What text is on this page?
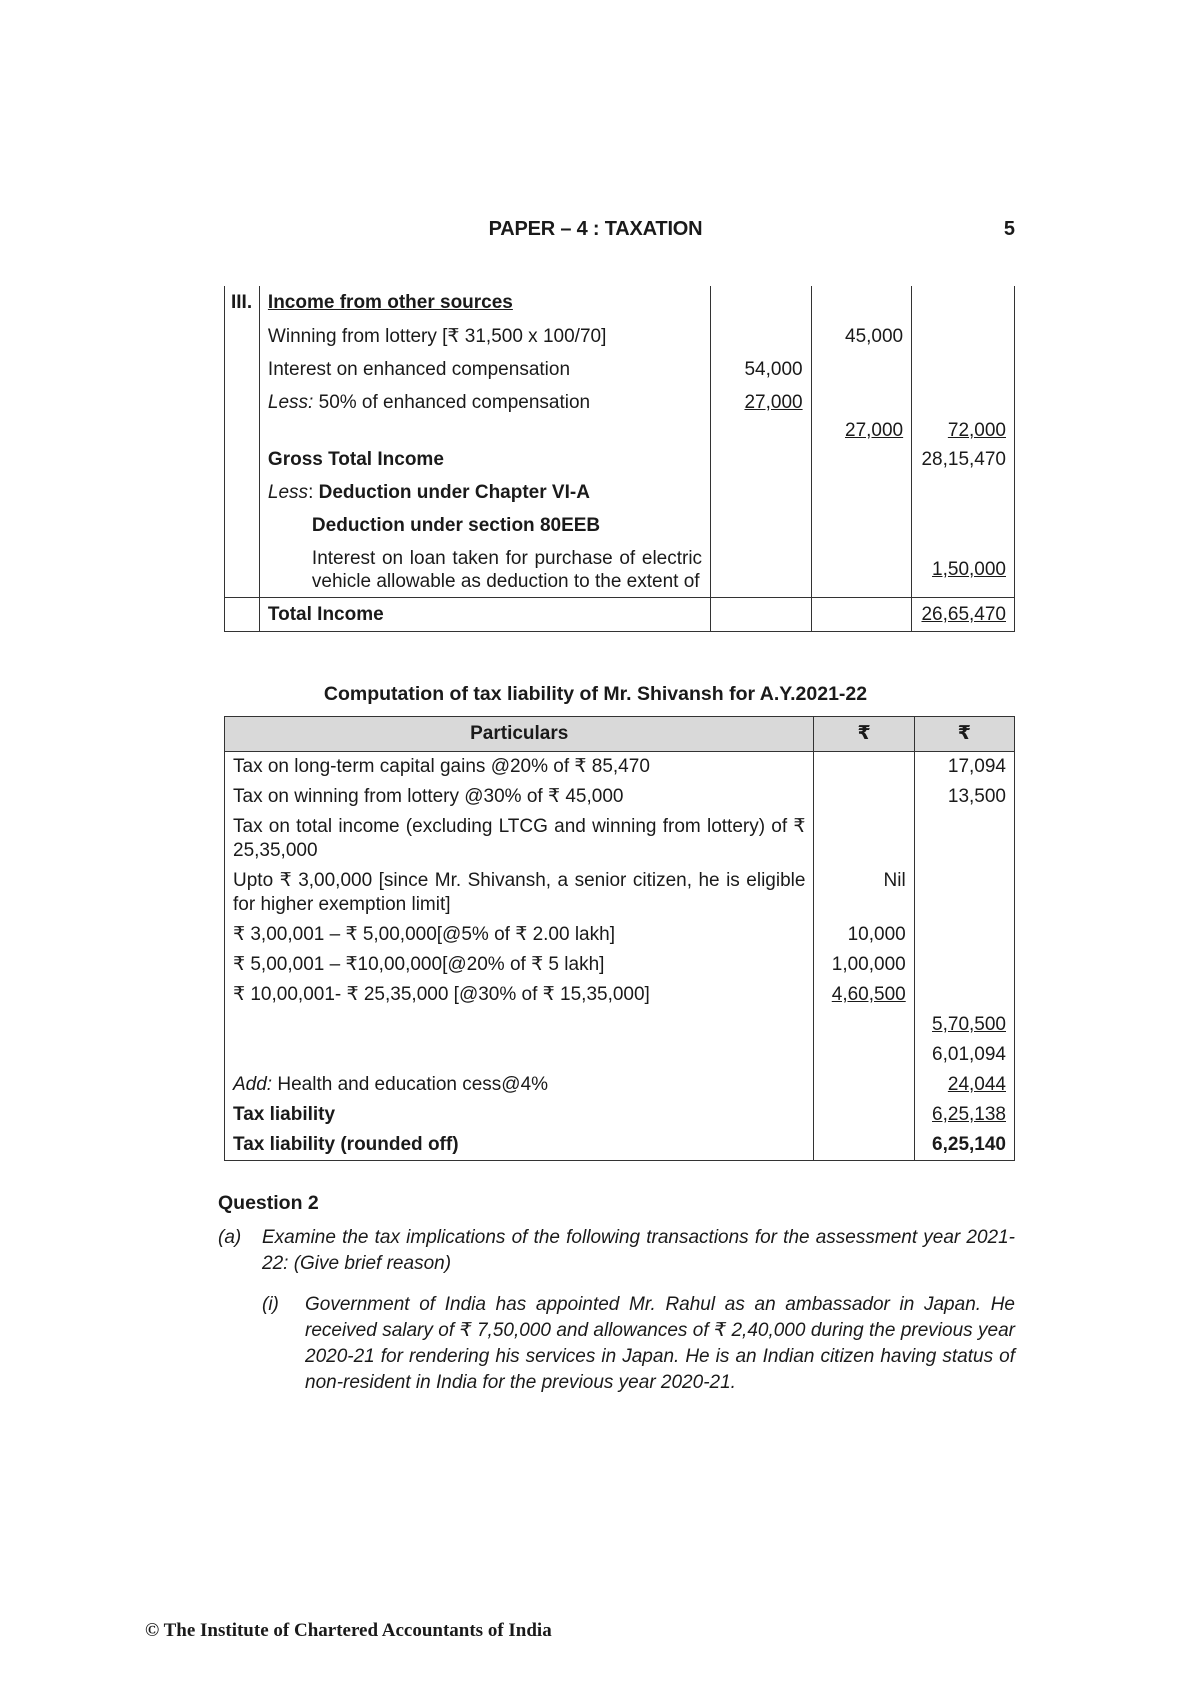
PAPER – 4 : TAXATION	5
III.	Income from other sources			
	Winning from lottery [₹ 31,500 x 100/70]		45,000	
	Interest on enhanced compensation	54,000		
	Less: 50% of enhanced compensation	27,000		
			27,000	72,000
	Gross Total Income			28,15,470
	Less: Deduction under Chapter VI-A			
	Deduction under section 80EEB			
	Interest on loan taken for purchase of electric vehicle allowable as deduction to the extent of			1,50,000
	Total Income			26,65,470
Computation of tax liability of Mr. Shivansh for A.Y.2021-22
Particulars	₹	₹
Tax on long-term capital gains @20% of ₹ 85,470		17,094
Tax on winning from lottery @30% of ₹ 45,000		13,500
Tax on total income (excluding LTCG and winning from lottery) of ₹ 25,35,000		
Upto ₹ 3,00,000 [since Mr. Shivansh, a senior citizen, he is eligible for higher exemption limit]	Nil	
₹ 3,00,001 – ₹ 5,00,000[@5% of ₹ 2.00 lakh]	10,000	
₹ 5,00,001 – ₹10,00,000[@20% of ₹ 5 lakh]	1,00,000	
₹ 10,00,001- ₹ 25,35,000 [@30% of ₹ 15,35,000]	4,60,500	
		5,70,500
		6,01,094
Add: Health and education cess@4%		24,044
Tax liability		6,25,138
Tax liability (rounded off)		6,25,140
Question 2
(a) Examine the tax implications of the following transactions for the assessment year 2021-22: (Give brief reason)
(i) Government of India has appointed Mr. Rahul as an ambassador in Japan. He received salary of ₹ 7,50,000 and allowances of ₹ 2,40,000 during the previous year 2020-21 for rendering his services in Japan. He is an Indian citizen having status of non-resident in India for the previous year 2020-21.
© The Institute of Chartered Accountants of India
